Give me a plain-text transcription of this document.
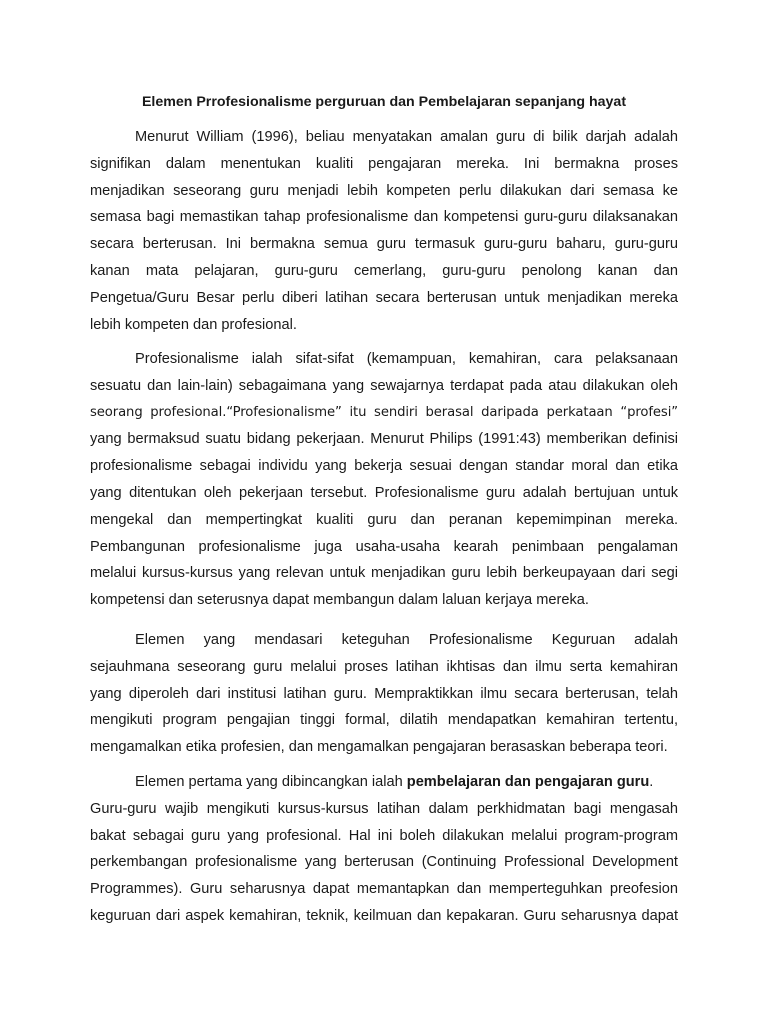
Elemen Prrofesionalisme perguruan dan Pembelajaran sepanjang hayat

Menurut William (1996), beliau menyatakan amalan guru di bilik darjah adalah
signifikan dalam menentukan kualiti pengajaran mereka. Ini bermakna proses
menjadikan seseorang guru menjadi lebih kompeten perlu dilakukan dari semasa ke
semasa bagi memastikan tahap profesionalisme dan kompetensi guru-guru dilaksanakan
secara berterusan. Ini bermakna semua guru termasuk guru-guru baharu, guru-guru
kanan mata pelajaran, guru-guru cemerlang, guru-guru penolong kanan dan
Pengetua/Guru Besar perlu diberi latihan secara berterusan untuk menjadikan mereka
lebih kompeten dan profesional.

Profesionalisme ialah sifat-sifat (kemampuan, kemahiran, cara pelaksanaan
sesuatu dan lain-lain) sebagaimana yang sewajarnya terdapat pada atau dilakukan oleh
seorang profesional.“Profesionalisme” itu sendiri berasal daripada perkataan “profesi”
yang bermaksud suatu bidang pekerjaan. Menurut Philips (1991:43) memberikan definisi
profesionalisme sebagai individu yang bekerja sesuai dengan standar moral dan etika
yang ditentukan oleh pekerjaan tersebut. Profesionalisme guru adalah bertujuan untuk
mengekal dan mempertingkat kualiti guru dan peranan kepemimpinan mereka.
Pembangunan profesionalisme juga usaha-usaha kearah penimbaan pengalaman
melalui kursus-kursus yang relevan untuk menjadikan guru lebih berkeupayaan dari segi
kompetensi dan seterusnya dapat membangun dalam laluan kerjaya mereka.

Elemen yang mendasari keteguhan Profesionalisme Keguruan adalah
sejauhmana seseorang guru melalui proses latihan ikhtisas dan ilmu serta kemahiran
yang diperoleh dari institusi latihan guru. Mempraktikkan ilmu secara berterusan, telah
mengikuti program pengajian tinggi formal, dilatih mendapatkan kemahiran tertentu,
mengamalkan etika profesien, dan mengamalkan pengajaran berasaskan beberapa teori.

Elemen pertama yang dibincangkan ialah pembelajaran dan pengajaran guru.
Guru-guru wajib mengikuti kursus-kursus latihan dalam perkhidmatan bagi mengasah
bakat sebagai guru yang profesional. Hal ini boleh dilakukan melalui program-program
perkembangan profesionalisme yang berterusan (Continuing Professional Development
Programmes). Guru seharusnya dapat memantapkan dan memperteguhkan preofesion
keguruan dari aspek kemahiran, teknik, keilmuan dan kepakaran. Guru seharusnya dapat
